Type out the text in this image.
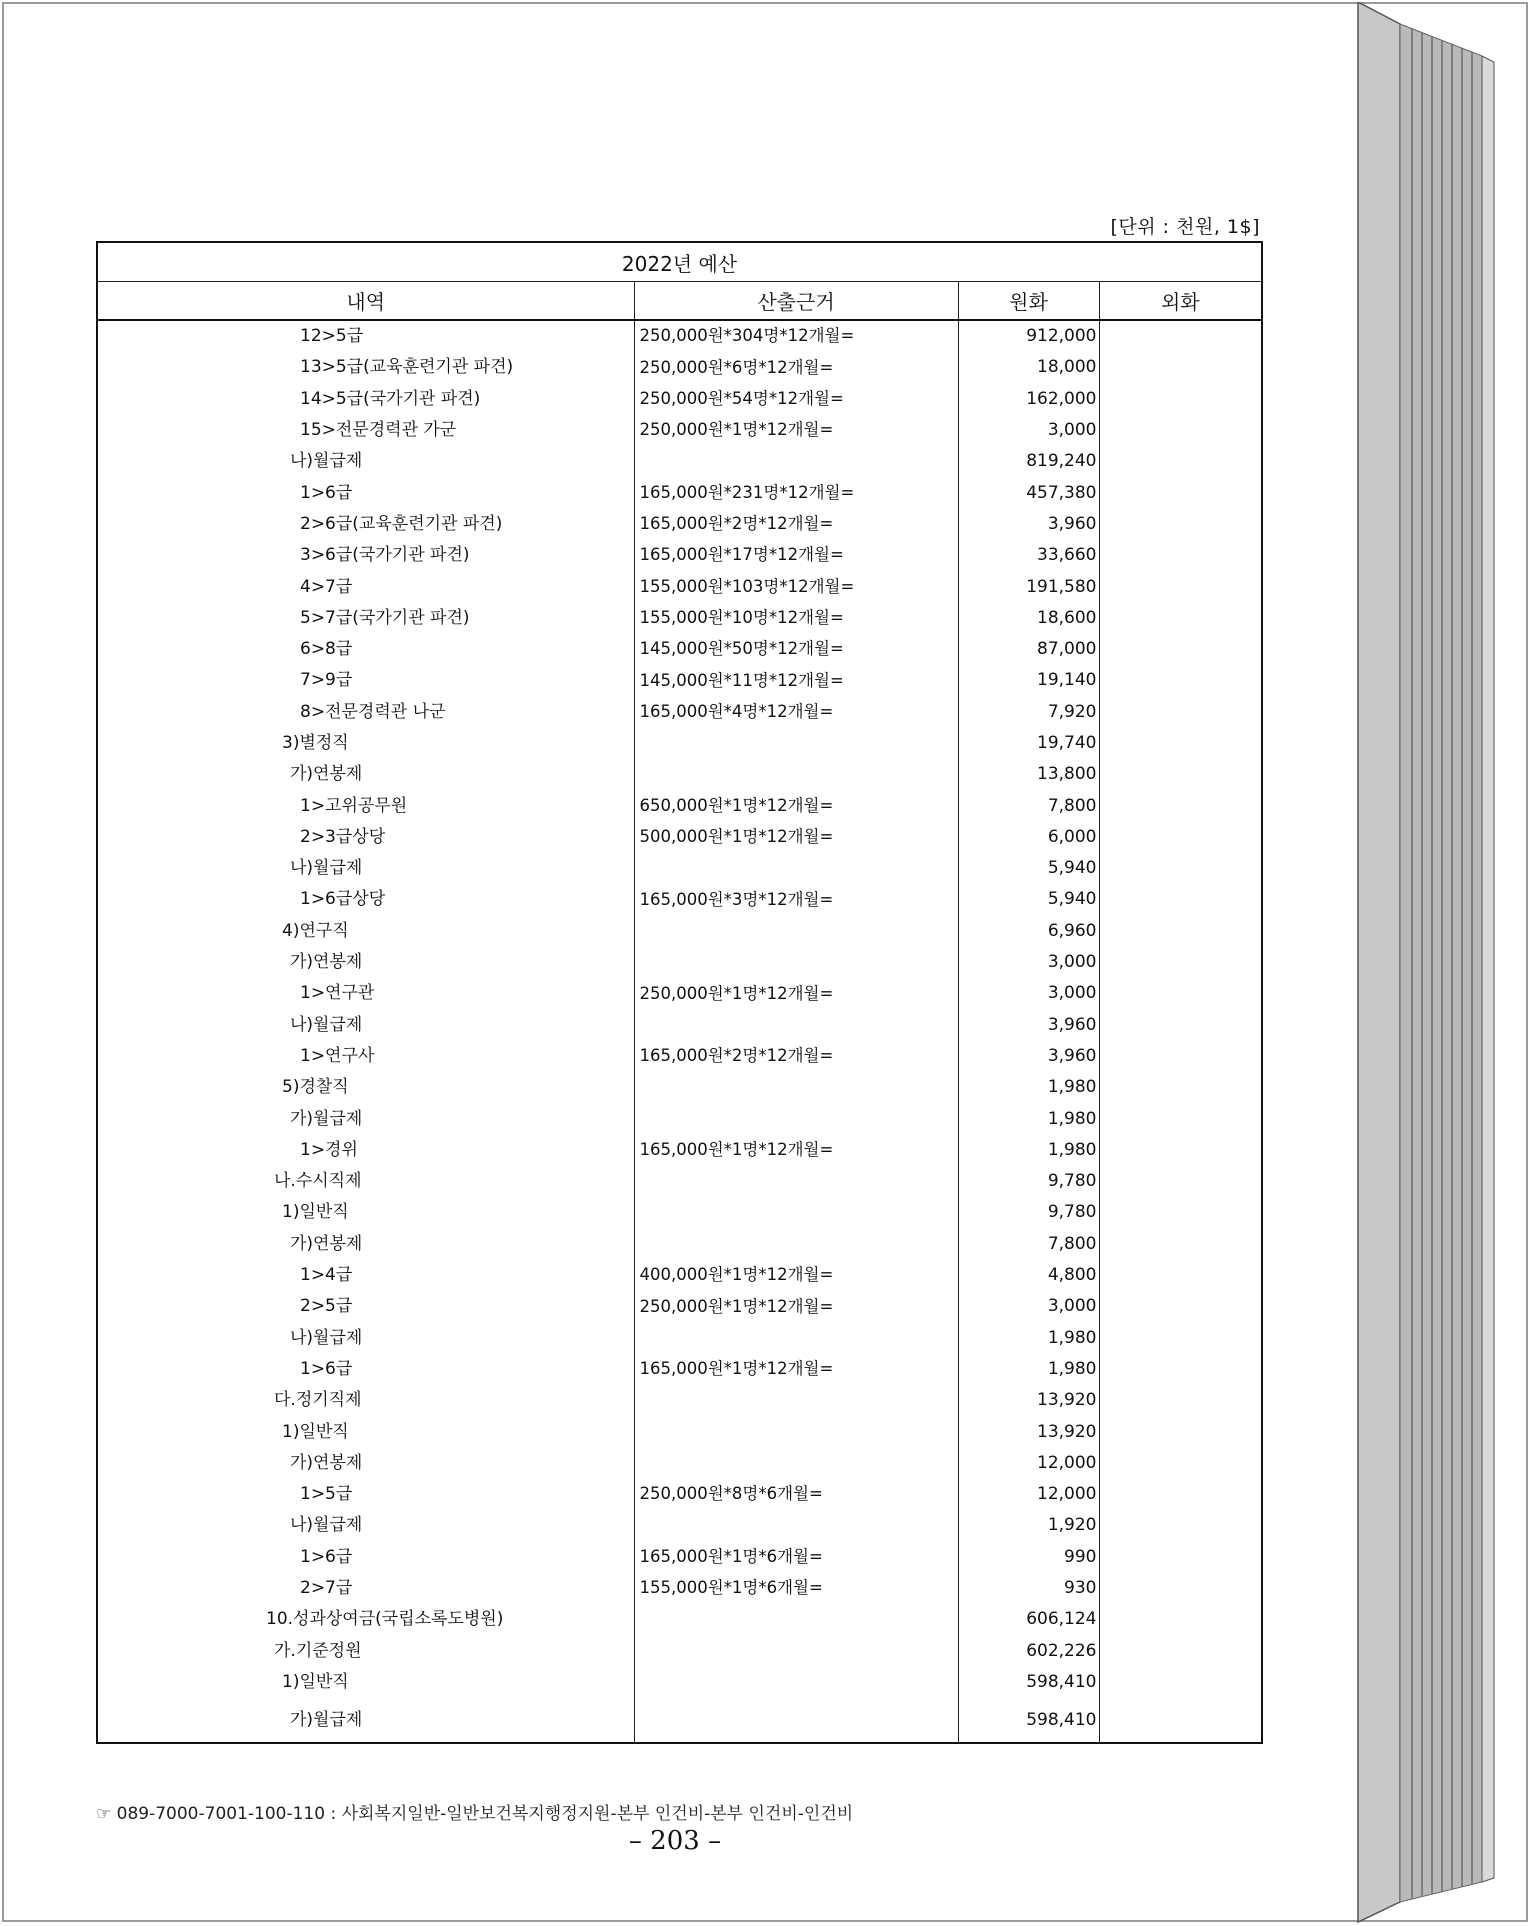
[단위 : 천원, 1$]
2022년 예산			
내역	산출근거	원화	외화
12>5급	250,000원*304명*12개월=	912,000	
13>5급(교육훈련기관 파견)	250,000원*6명*12개월=	18,000	
14>5급(국가기관 파견)	250,000원*54명*12개월=	162,000	
15>전문경력관 가군	250,000원*1명*12개월=	3,000	
나)월급제		819,240	
1>6급	165,000원*231명*12개월=	457,380	
2>6급(교육훈련기관 파견)	165,000원*2명*12개월=	3,960	
3>6급(국가기관 파견)	165,000원*17명*12개월=	33,660	
4>7급	155,000원*103명*12개월=	191,580	
5>7급(국가기관 파견)	155,000원*10명*12개월=	18,600	
6>8급	145,000원*50명*12개월=	87,000	
7>9급	145,000원*11명*12개월=	19,140	
8>전문경력관 나군	165,000원*4명*12개월=	7,920	
3)별정직		19,740	
가)연봉제		13,800	
1>고위공무원	650,000원*1명*12개월=	7,800	
2>3급상당	500,000원*1명*12개월=	6,000	
나)월급제		5,940	
1>6급상당	165,000원*3명*12개월=	5,940	
4)연구직		6,960	
가)연봉제		3,000	
1>연구관	250,000원*1명*12개월=	3,000	
나)월급제		3,960	
1>연구사	165,000원*2명*12개월=	3,960	
5)경찰직		1,980	
가)월급제		1,980	
1>경위	165,000원*1명*12개월=	1,980	
나.수시직제		9,780	
1)일반직		9,780	
가)연봉제		7,800	
1>4급	400,000원*1명*12개월=	4,800	
2>5급	250,000원*1명*12개월=	3,000	
나)월급제		1,980	
1>6급	165,000원*1명*12개월=	1,980	
다.정기직제		13,920	
1)일반직		13,920	
가)연봉제		12,000	
1>5급	250,000원*8명*6개월=	12,000	
나)월급제		1,920	
1>6급	165,000원*1명*6개월=	990	
2>7급	155,000원*1명*6개월=	930	
10.성과상여금(국립소록도병원)		606,124	
가.기준정원		602,226	
1)일반직		598,410	
가)월급제		598,410	
☞ 089-7000-7001-100-110 : 사회복지일반-일반보건복지행정지원-본부 인건비-본부 인건비-인건비
– 203 –
